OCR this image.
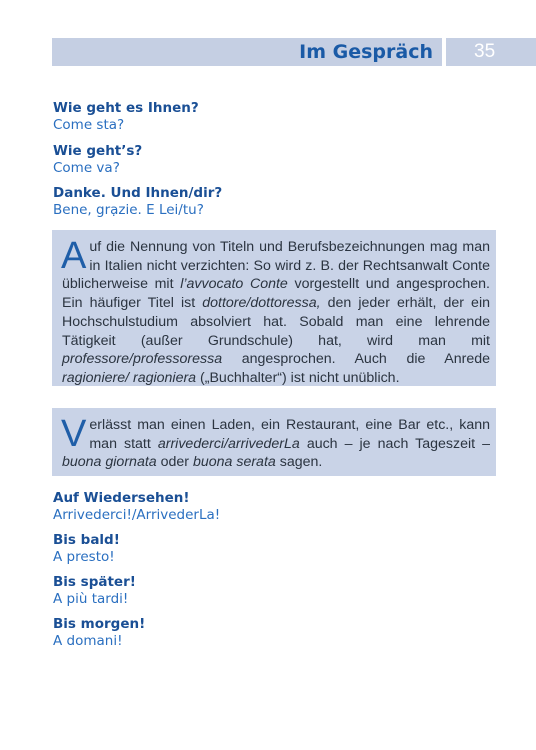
Im Gespräch 35
Wie geht es Ihnen?
Come sta?
Wie geht’s?
Come va?
Danke. Und Ihnen/dir?
Bene, grạzie. E Lei/tu?
Auf die Nennung von Titeln und Berufsbezeichnungen mag man in Italien nicht verzichten: So wird z. B. der Rechtsanwalt Conte üblicherweise mit l’avvocato Conte vorgestellt und angesprochen. Ein häufiger Titel ist dottore/dottoressa, den jeder erhält, der ein Hochschulstudium absolviert hat. Sobald man eine lehrende Tätigkeit (außer Grundschule) hat, wird man mit professore/professoressa angesprochen. Auch die Anrede ragioniere/ ragioniera („Buchhalter“) ist nicht unüblich.
Verlässt man einen Laden, ein Restaurant, eine Bar etc., kann man statt arrivederci/arrivederLa auch – je nach Tageszeit – buona giornata oder buona serata sagen.
Auf Wiedersehen!
Arrivederci!/ArrivederLa!
Bis bald!
A presto!
Bis später!
A più tardi!
Bis morgen!
A domani!
